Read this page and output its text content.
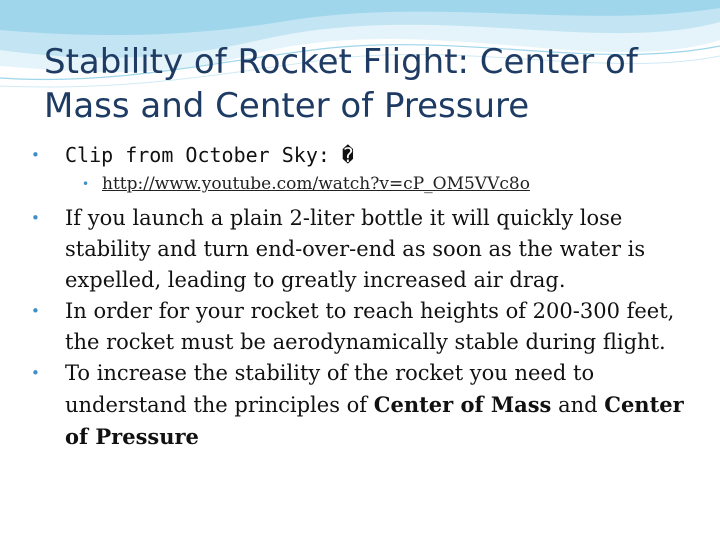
Stability of Rocket Flight: Center of Mass and Center of Pressure
• Clip from October Sky: �
• http://www.youtube.com/watch?v=cP_OM5VVc8o
• If you launch a plain 2-liter bottle it will quickly lose stability and turn end-over-end as soon as the water is expelled, leading to greatly increased air drag.
• In order for your rocket to reach heights of 200-300 feet, the rocket must be aerodynamically stable during flight.
• To increase the stability of the rocket you need to understand the principles of Center of Mass and Center of Pressure
